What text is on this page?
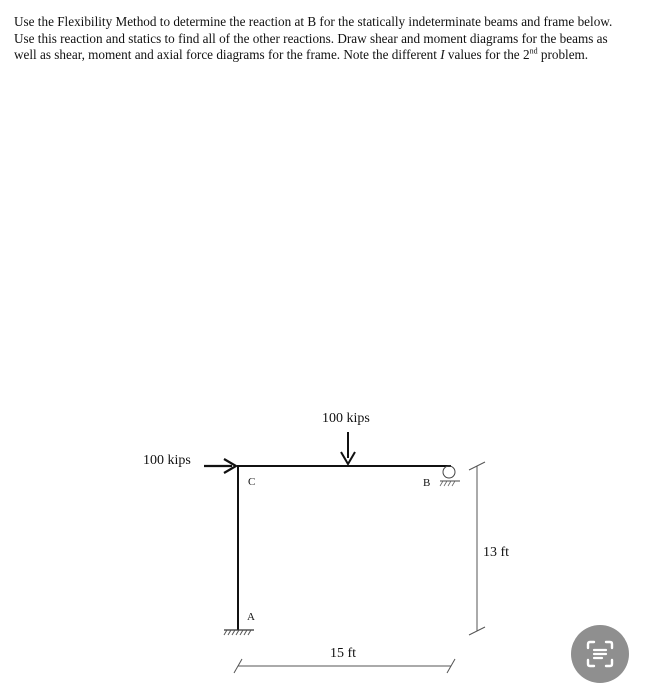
Use the Flexibility Method to determine the reaction at B for the statically indeterminate beams and frame below. Use this reaction and statics to find all of the other reactions. Draw shear and moment diagrams for the beams as well as shear, moment and axial force diagrams for the frame. Note the different I values for the 2nd problem.

100 kips
100 kips
C	B
A
13 ft
15 ft
